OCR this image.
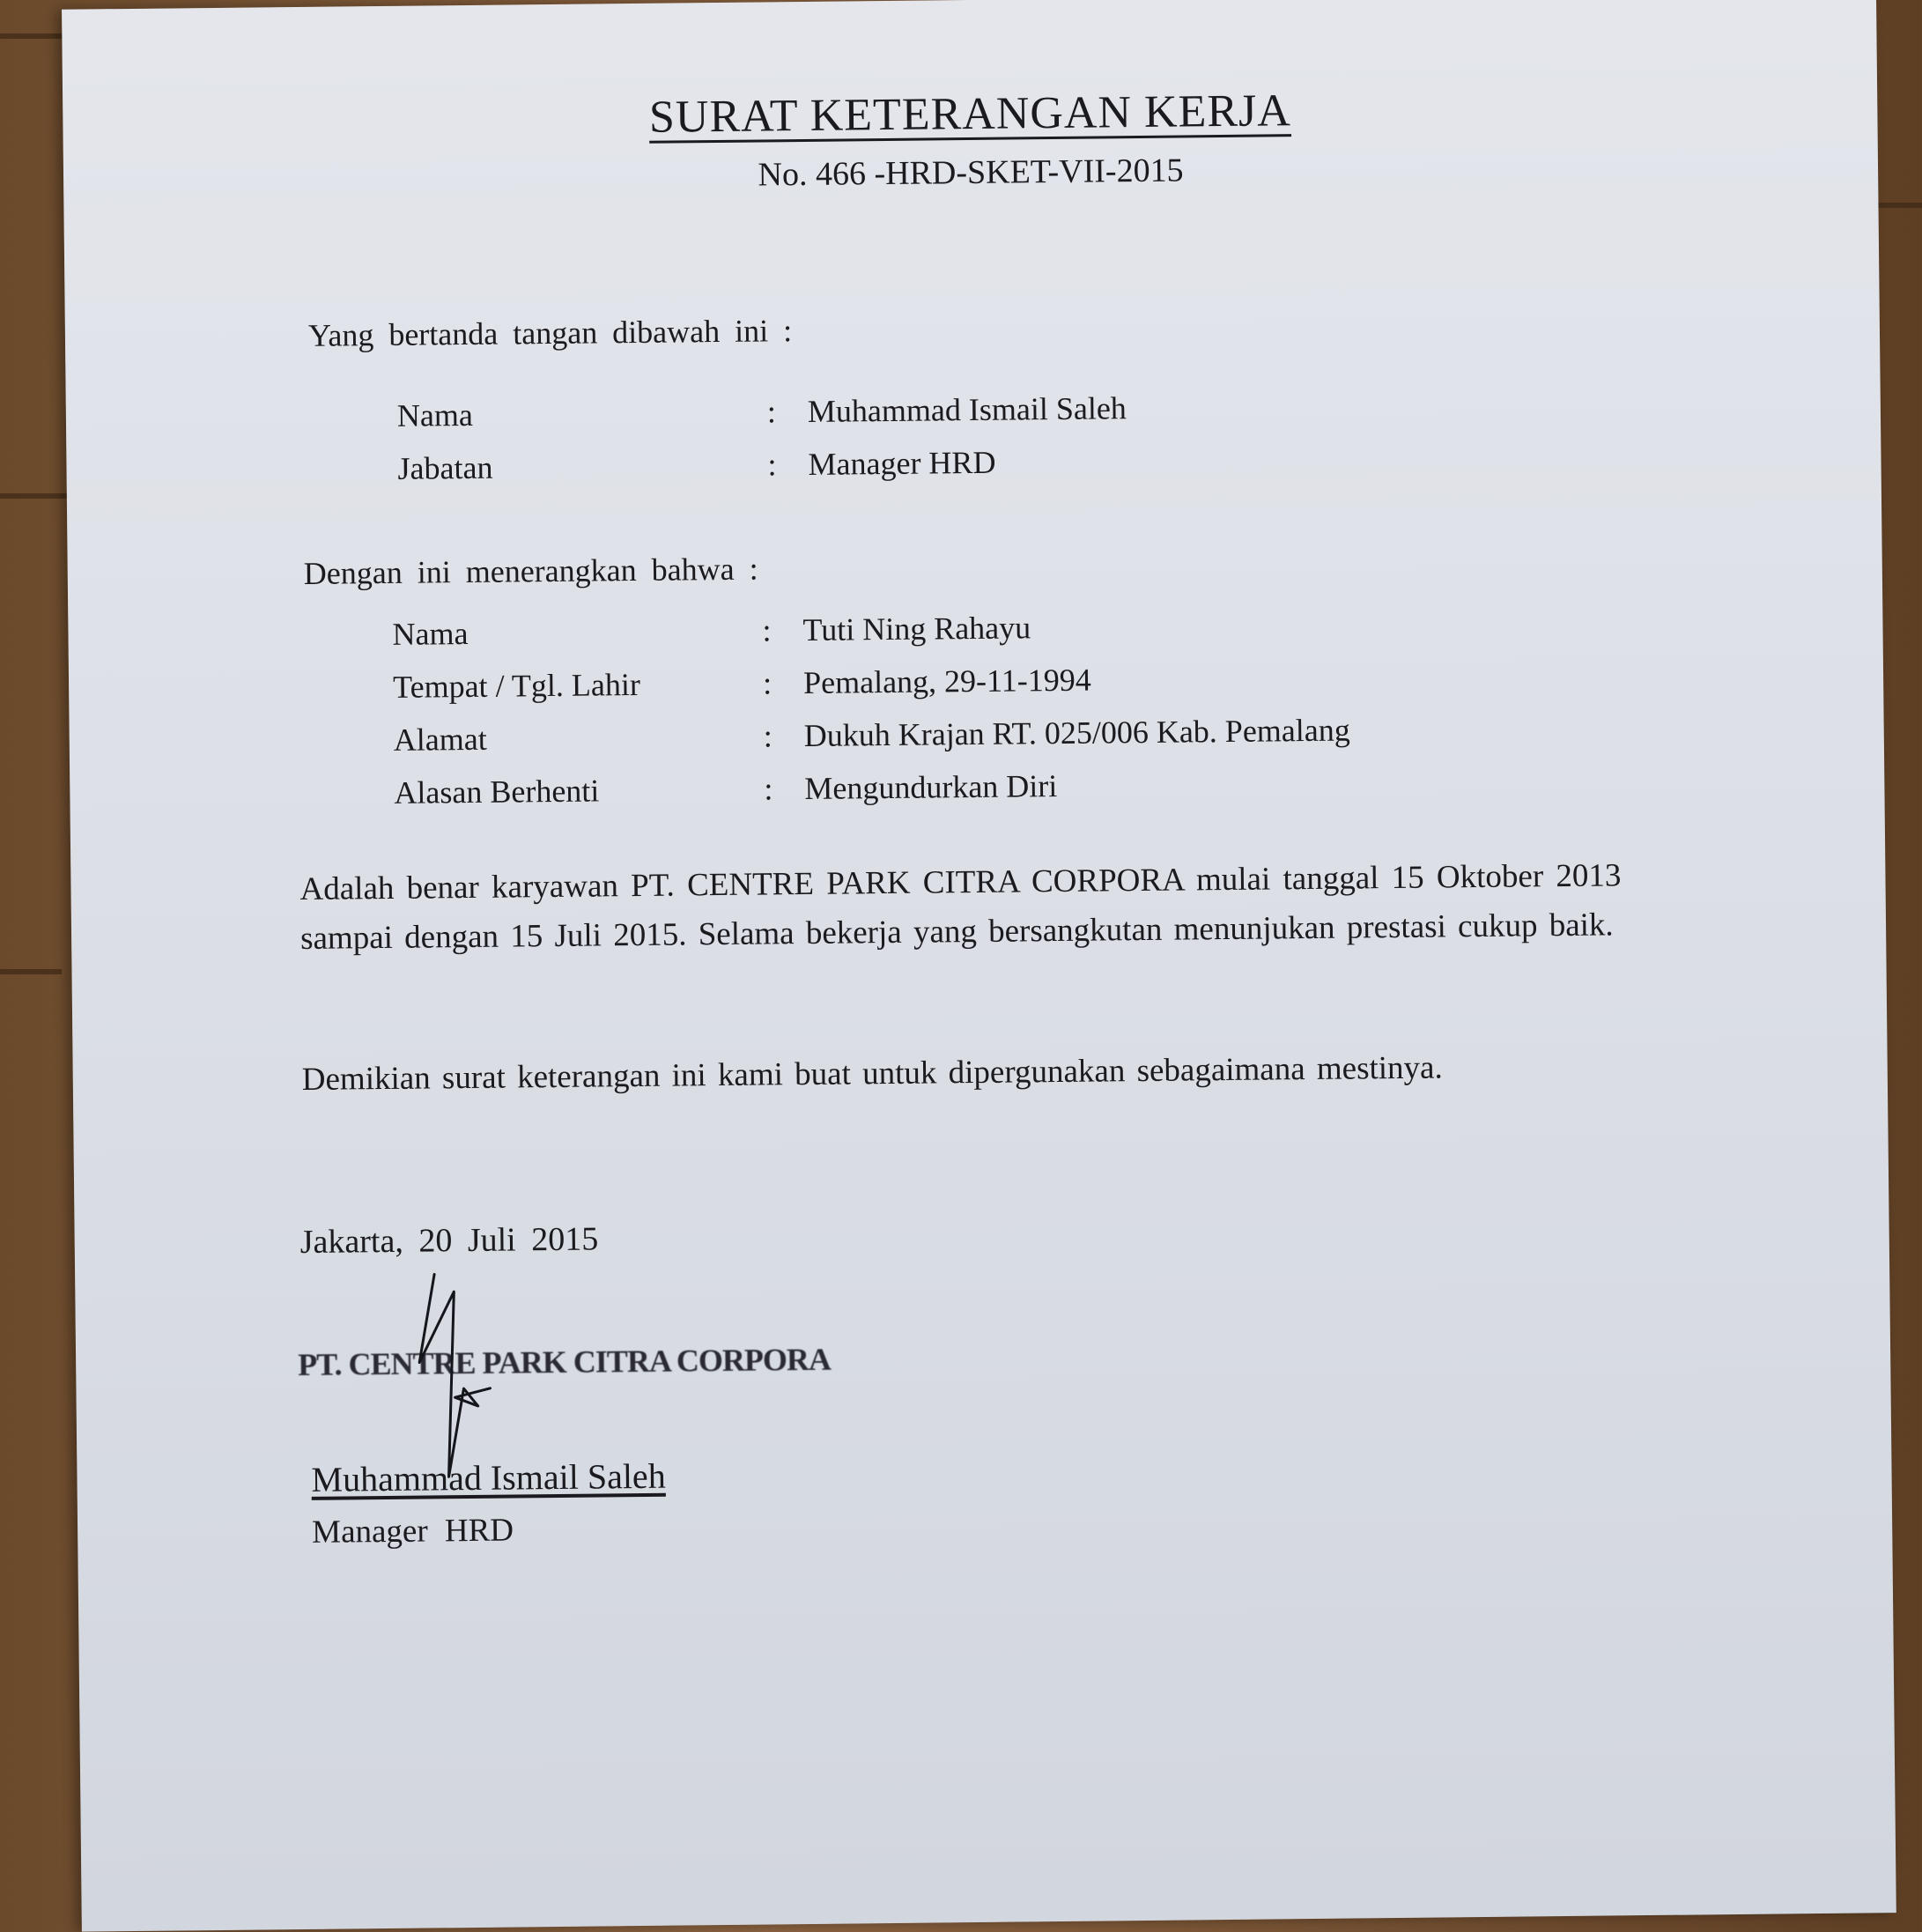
SURAT KETERANGAN KERJA
No. 466 -HRD-SKET-VII-2015
Yang bertanda tangan dibawah ini :
Nama	: Muhammad Ismail Saleh
Jabatan	: Manager HRD
Dengan ini menerangkan bahwa :
Nama	: Tuti Ning Rahayu
Tempat / Tgl. Lahir	: Pemalang, 29-11-1994
Alamat	: Dukuh Krajan RT. 025/006 Kab. Pemalang
Alasan Berhenti	: Mengundurkan Diri
Adalah benar karyawan PT. CENTRE PARK CITRA CORPORA mulai tanggal 15 Oktober 2013 sampai dengan 15 Juli 2015. Selama bekerja yang bersangkutan menunjukan prestasi cukup baik.
Demikian surat keterangan ini kami buat untuk dipergunakan sebagaimana mestinya.
Jakarta, 20 Juli 2015
PT. CENTRE PARK CITRA CORPORA
Muhammad Ismail Saleh
Manager HRD
